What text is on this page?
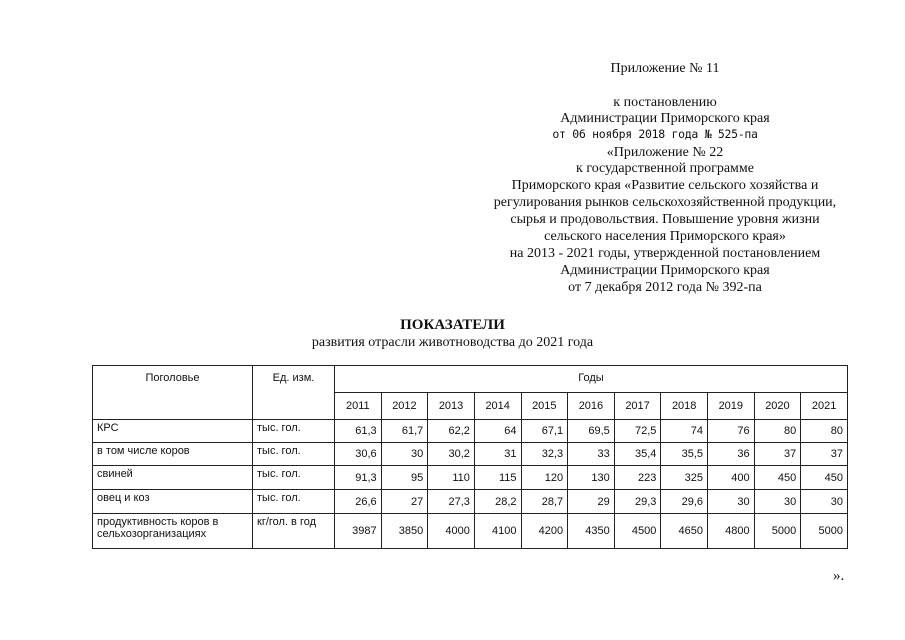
Приложение № 11
к постановлению
Администрации Приморского края
от 06 ноября 2018 года № 525-па
«Приложение № 22
к государственной программе
Приморского края «Развитие сельского хозяйства и
регулирования рынков сельскохозяйственной продукции,
сырья и продовольствия. Повышение уровня жизни
сельского населения Приморского края»
на 2013 - 2021 годы, утвержденной постановлением
Администрации Приморского края
от 7 декабря 2012 года № 392-па
ПОКАЗАТЕЛИ
развития отрасли животноводства до 2021 года
Поголовье	Ед. изм.	Годы										
		2011	2012	2013	2014	2015	2016	2017	2018	2019	2020	2021
КРС	тыс. гол.	61,3	61,7	62,2	64	67,1	69,5	72,5	74	76	80	80
в том числе коров	тыс. гол.	30,6	30	30,2	31	32,3	33	35,4	35,5	36	37	37
свиней	тыс. гол.	91,3	95	110	115	120	130	223	325	400	450	450
овец и коз	тыс. гол.	26,6	27	27,3	28,2	28,7	29	29,3	29,6	30	30	30
продуктивность коров в сельхозорганизациях	кг/гол. в год	3987	3850	4000	4100	4200	4350	4500	4650	4800	5000	5000
».
